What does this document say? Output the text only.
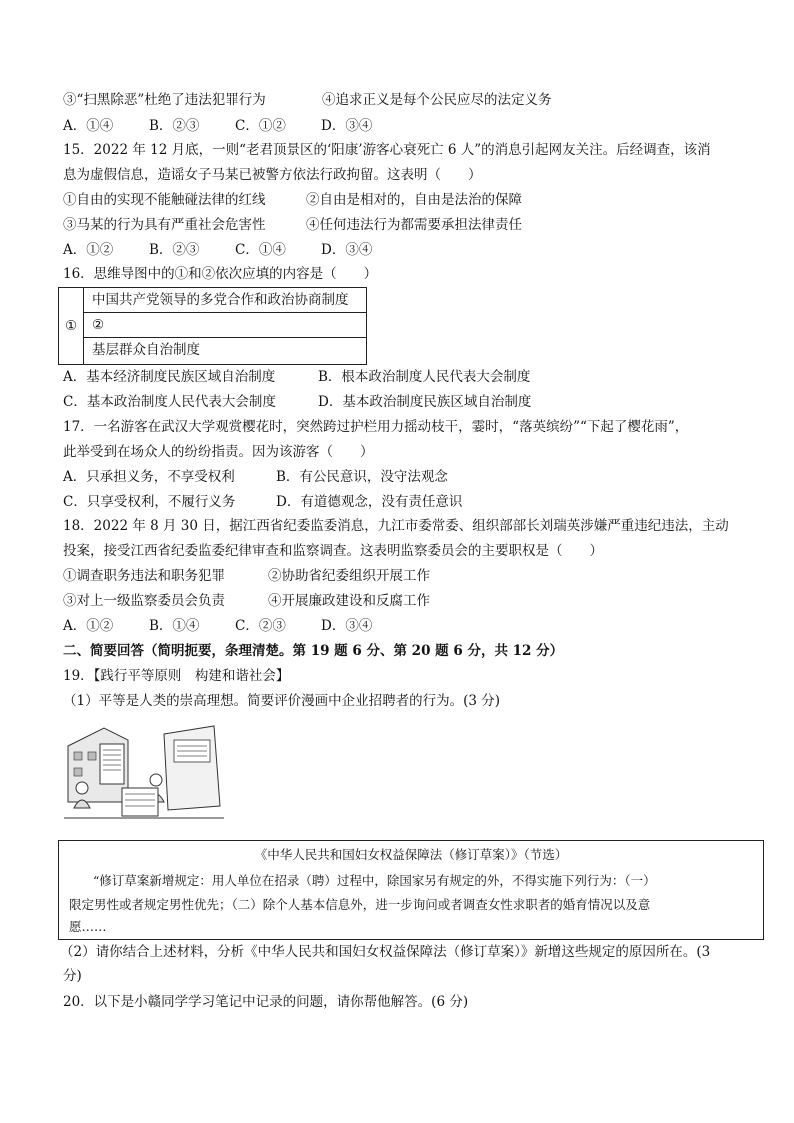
③“扫黑除恶”杜绝了违法犯罪行为	④追求正义是每个公民应尽的法定义务
A．①④	B．②③	C．①②	D．③④
15．2022 年 12 月底，一则“老君顶景区的‘阳康’游客心衰死亡 6 人”的消息引起网友关注。后经调查，该消
息为虚假信息，造谣女子马某已被警方依法行政拘留。这表明（　　）
①自由的实现不能触碰法律的红线	②自由是相对的，自由是法治的保障
③马某的行为具有严重社会危害性	④任何违法行为都需要承担法律责任
A．①②	B．②③	C．①④	D．③④
16．思维导图中的①和②依次应填的内容是（　　）
①
中国共产党领导的多党合作和政治协商制度
②
基层群众自治制度
A．基本经济制度民族区域自治制度	B．根本政治制度人民代表大会制度
C．基本政治制度人民代表大会制度	D．基本政治制度民族区域自治制度
17．一名游客在武汉大学观赏樱花时，突然跨过护栏用力摇动枝干，霎时，“落英缤纷”“下起了樱花雨”，
此举受到在场众人的纷纷指责。因为该游客（　　）
A．只承担义务，不享受权利	B．有公民意识，没守法观念
C．只享受权利，不履行义务	D．有道德观念，没有责任意识
18．2022 年 8 月 30 日，据江西省纪委监委消息，九江市委常委、组织部部长刘瑞英涉嫌严重违纪违法，主动
投案，接受江西省纪委监委纪律审查和监察调查。这表明监察委员会的主要职权是（　　）
①调查职务违法和职务犯罪	②协助省纪委组织开展工作
③对上一级监察委员会负责	④开展廉政建设和反腐工作
A．①②	B．①④	C．②③	D．③④
二、简要回答（简明扼要，条理清楚。第 19 题 6 分、第 20 题 6 分，共 12 分）
19．【践行平等原则　构建和谐社会】
（1）平等是人类的崇高理想。简要评价漫画中企业招聘者的行为。(3 分)
《中华人民共和国妇女权益保障法（修订草案）》（节选）
“修订草案新增规定：用人单位在招录（聘）过程中，除国家另有规定的外，不得实施下列行为：（一）
限定男性或者规定男性优先；（二）除个人基本信息外，进一步询问或者调查女性求职者的婚育情况以及意
愿……
（2）请你结合上述材料，分析《中华人民共和国妇女权益保障法（修订草案）》新增这些规定的原因所在。(3
分)
20．以下是小赣同学学习笔记中记录的问题，请你帮他解答。(6 分)
